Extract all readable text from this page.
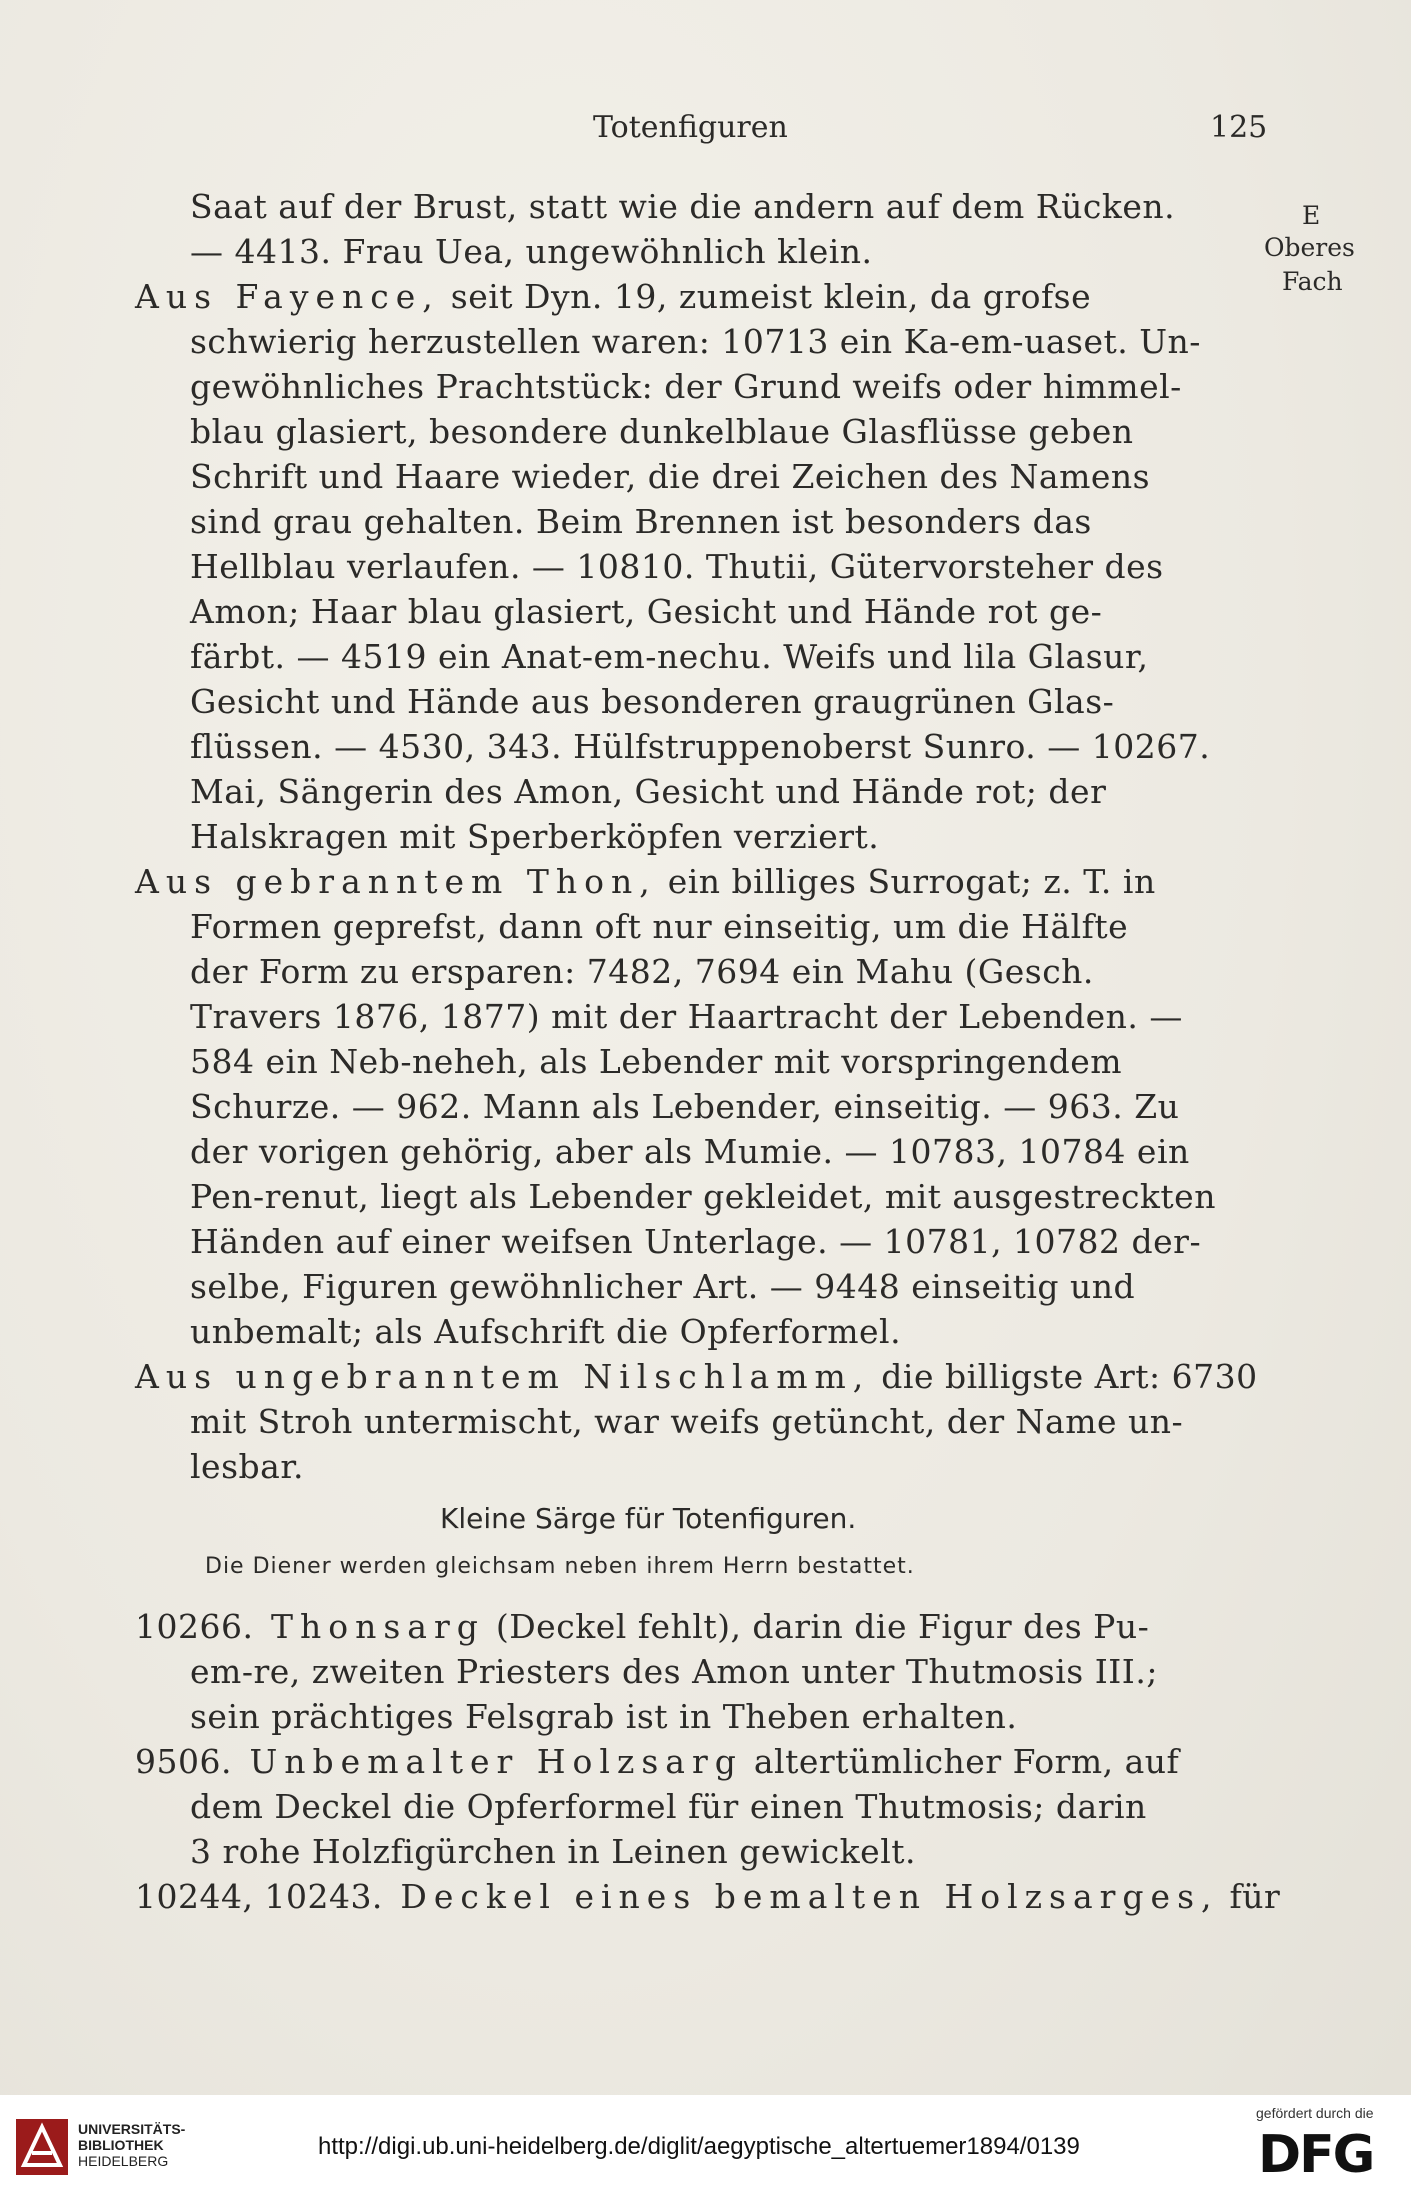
Totenfiguren	125
E
Oberes
Fach
Saat auf der Brust, statt wie die andern auf dem Rücken.
— 4413. Frau Uea, ungewöhnlich klein.
Aus Fayence, seit Dyn. 19, zumeist klein, da grofse
schwierig herzustellen waren: 10713 ein Ka-em-uaset. Un-
gewöhnliches Prachtstück: der Grund weifs oder himmel-
blau glasiert, besondere dunkelblaue Glasflüsse geben
Schrift und Haare wieder, die drei Zeichen des Namens
sind grau gehalten. Beim Brennen ist besonders das
Hellblau verlaufen. — 10810. Thutii, Gütervorsteher des
Amon; Haar blau glasiert, Gesicht und Hände rot ge-
färbt. — 4519 ein Anat-em-nechu. Weifs und lila Glasur,
Gesicht und Hände aus besonderen graugrünen Glas-
flüssen. — 4530, 343. Hülfstruppenoberst Sunro. — 10267.
Mai, Sängerin des Amon, Gesicht und Hände rot; der
Halskragen mit Sperberköpfen verziert.
Aus gebranntem Thon, ein billiges Surrogat; z. T. in
Formen geprefst, dann oft nur einseitig, um die Hälfte
der Form zu ersparen: 7482, 7694 ein Mahu (Gesch.
Travers 1876, 1877) mit der Haartracht der Lebenden. —
584 ein Neb-neheh, als Lebender mit vorspringendem
Schurze. — 962. Mann als Lebender, einseitig. — 963. Zu
der vorigen gehörig, aber als Mumie. — 10783, 10784 ein
Pen-renut, liegt als Lebender gekleidet, mit ausgestreckten
Händen auf einer weifsen Unterlage. — 10781, 10782 der-
selbe, Figuren gewöhnlicher Art. — 9448 einseitig und
unbemalt; als Aufschrift die Opferformel.
Aus ungebranntem Nilschlamm, die billigste Art: 6730
mit Stroh untermischt, war weifs getüncht, der Name un-
lesbar.
Kleine Särge für Totenfiguren.
Die Diener werden gleichsam neben ihrem Herrn bestattet.
10266. Thonsarg (Deckel fehlt), darin die Figur des Pu-
em-re, zweiten Priesters des Amon unter Thutmosis III.;
sein prächtiges Felsgrab ist in Theben erhalten.
9506. Unbemalter Holzsarg altertümlicher Form, auf
dem Deckel die Opferformel für einen Thutmosis; darin
3 rohe Holzfigürchen in Leinen gewickelt.
10244, 10243. Deckel eines bemalten Holzsarges, für
UNIVERSITÄTS-
BIBLIOTHEK
HEIDELBERG
http://digi.ub.uni-heidelberg.de/diglit/aegyptische_altertuemer1894/0139
gefördert durch die
DFG
